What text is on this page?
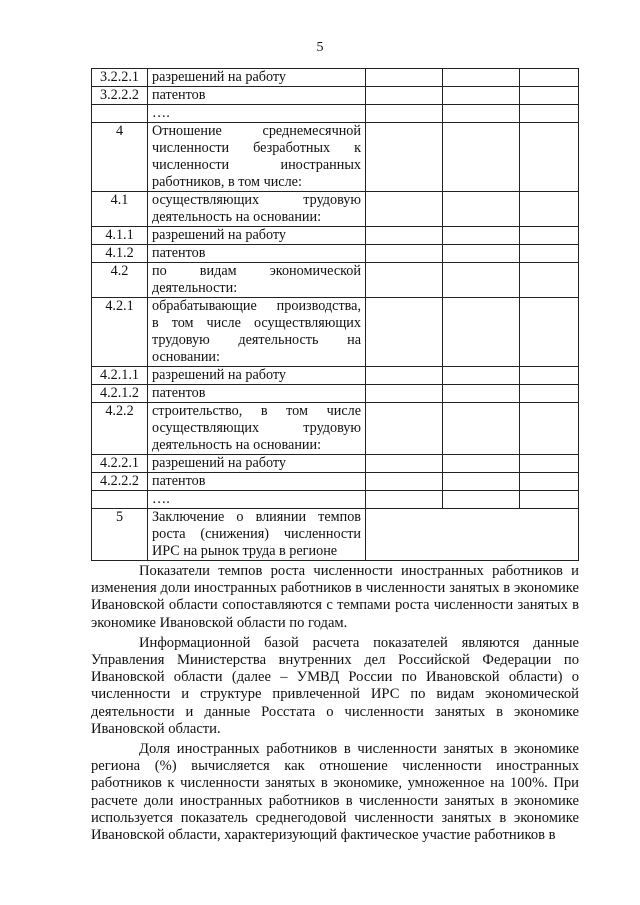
5
3.2.2.1	разрешений на работу			

3.2.2.2	патентов			

	….			

4	Отношение среднемесячной
численности безработных к
численности иностранных
работников, в том числе:			

4.1	осуществляющих трудовую
деятельность на основании:			

4.1.1	разрешений на работу			

4.1.2	патентов			

4.2	по видам экономической
деятельности:			

4.2.1	обрабатывающие производства,
в том числе осуществляющих
трудовую деятельность на
основании:			

4.2.1.1	разрешений на работу			

4.2.1.2	патентов			

4.2.2	строительство, в том числе
осуществляющих трудовую
деятельность на основании:			

4.2.2.1	разрешений на работу			

4.2.2.2	патентов			

	….			

5	Заключение о влиянии темпов
роста (снижения) численности
ИРС на рынок труда в регионе			

Показатели темпов роста численности иностранных работников и изменения доли иностранных работников в численности занятых в экономике Ивановской области сопоставляются с темпами роста численности занятых в экономике Ивановской области по годам.

Информационной базой расчета показателей являются данные Управления Министерства внутренних дел Российской Федерации по Ивановской области (далее – УМВД России по Ивановской области) о численности и структуре привлеченной ИРС по видам экономической деятельности и данные Росстата о численности занятых в экономике Ивановской области.

Доля иностранных работников в численности занятых в экономике региона (%) вычисляется как отношение численности иностранных работников к численности занятых в экономике, умноженное на 100%. При расчете доли иностранных работников в численности занятых в экономике используется показатель среднегодовой численности занятых в экономике Ивановской области, характеризующий фактическое участие работников в
